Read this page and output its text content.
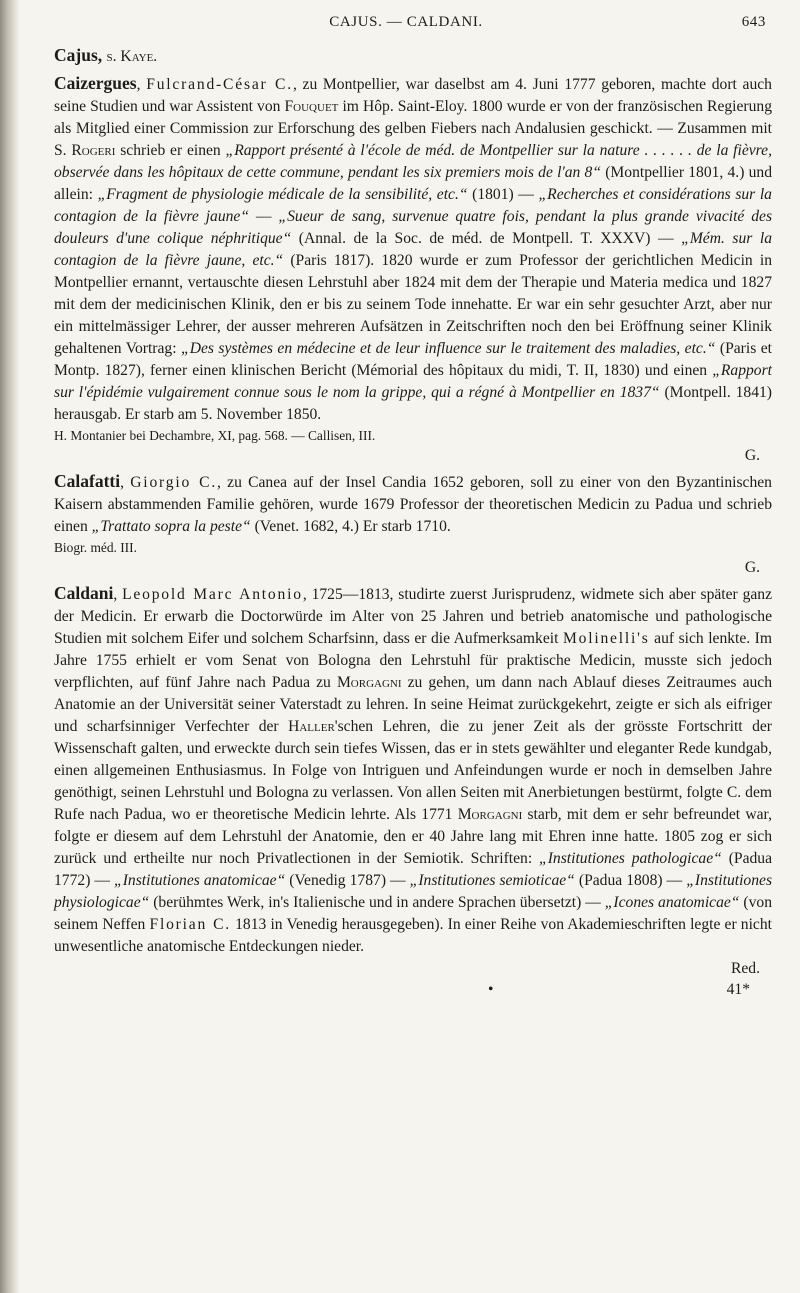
CAJUS. — CALDANI.	643

Cajus, s. Kaye.

Caizergues, Fulcrand-César C., zu Montpellier, war daselbst am 4. Juni 1777 geboren, machte dort auch seine Studien und war Assistent von Fouquet im Hôp. Saint-Eloy. 1800 wurde er von der französischen Regierung als Mitglied einer Commission zur Erforschung des gelben Fiebers nach Andalusien geschickt. — Zusammen mit S. Rogeri schrieb er einen „Rapport présenté à l'école de méd. de Montpellier sur la nature . . . . . . de la fièvre, observée dans les hôpitaux de cette commune, pendant les six premiers mois de l'an 8“ (Montpellier 1801, 4.) und allein: „Fragment de physiologie médicale de la sensibilité, etc.“ (1801) — „Recherches et considérations sur la contagion de la fièvre jaune“ — „Sueur de sang, survenue quatre fois, pendant la plus grande vivacité des douleurs d'une colique néphritique“ (Annal. de la Soc. de méd. de Montpell. T. XXXV) — „Mém. sur la contagion de la fièvre jaune, etc.“ (Paris 1817). 1820 wurde er zum Professor der gerichtlichen Medicin in Montpellier ernannt, vertauschte diesen Lehrstuhl aber 1824 mit dem der Therapie und Materia medica und 1827 mit dem der medicinischen Klinik, den er bis zu seinem Tode innehatte. Er war ein sehr gesuchter Arzt, aber nur ein mittelmässiger Lehrer, der ausser mehreren Aufsätzen in Zeitschriften noch den bei Eröffnung seiner Klinik gehaltenen Vortrag: „Des systèmes en médecine et de leur influence sur le traitement des maladies, etc.“ (Paris et Montp. 1827), ferner einen klinischen Bericht (Mémorial des hôpitaux du midi, T. II, 1830) und einen „Rapport sur l'épidémie vulgairement connue sous le nom la grippe, qui a régné à Montpellier en 1837“ (Montpell. 1841) herausgab. Er starb am 5. November 1850.

H. Montanier bei Dechambre, XI, pag. 568. — Callisen, III.

G.

Calafatti, Giorgio C., zu Canea auf der Insel Candia 1652 geboren, soll zu einer von den Byzantinischen Kaisern abstammenden Familie gehören, wurde 1679 Professor der theoretischen Medicin zu Padua und schrieb einen „Trattato sopra la peste“ (Venet. 1682, 4.) Er starb 1710.

Biogr. méd. III.

G.

Caldani, Leopold Marc Antonio, 1725—1813, studirte zuerst Jurisprudenz, widmete sich aber später ganz der Medicin. Er erwarb die Doctorwürde im Alter von 25 Jahren und betrieb anatomische und pathologische Studien mit solchem Eifer und solchem Scharfsinn, dass er die Aufmerksamkeit Molinelli's auf sich lenkte. Im Jahre 1755 erhielt er vom Senat von Bologna den Lehrstuhl für praktische Medicin, musste sich jedoch verpflichten, auf fünf Jahre nach Padua zu Morgagni zu gehen, um dann nach Ablauf dieses Zeitraumes auch Anatomie an der Universität seiner Vaterstadt zu lehren. In seine Heimat zurückgekehrt, zeigte er sich als eifriger und scharfsinniger Verfechter der Haller'schen Lehren, die zu jener Zeit als der grösste Fortschritt der Wissenschaft galten, und erweckte durch sein tiefes Wissen, das er in stets gewählter und eleganter Rede kundgab, einen allgemeinen Enthusiasmus. In Folge von Intriguen und Anfeindungen wurde er noch in demselben Jahre genöthigt, seinen Lehrstuhl und Bologna zu verlassen. Von allen Seiten mit Anerbietungen bestürmt, folgte C. dem Rufe nach Padua, wo er theoretische Medicin lehrte. Als 1771 Morgagni starb, mit dem er sehr befreundet war, folgte er diesem auf dem Lehrstuhl der Anatomie, den er 40 Jahre lang mit Ehren inne hatte. 1805 zog er sich zurück und ertheilte nur noch Privatlectionen in der Semiotik. Schriften: „Institutiones pathologicae“ (Padua 1772) — „Institutiones anatomicae“ (Venedig 1787) — „Institutiones semioticae“ (Padua 1808) — „Institutiones physiologicae“ (berühmtes Werk, in's Italienische und in andere Sprachen übersetzt) — „Icones anatomicae“ (von seinem Neffen Florian C. 1813 in Venedig herausgegeben). In einer Reihe von Akademieschriften legte er nicht unwesentliche anatomische Entdeckungen nieder.

Red.

•	41*
